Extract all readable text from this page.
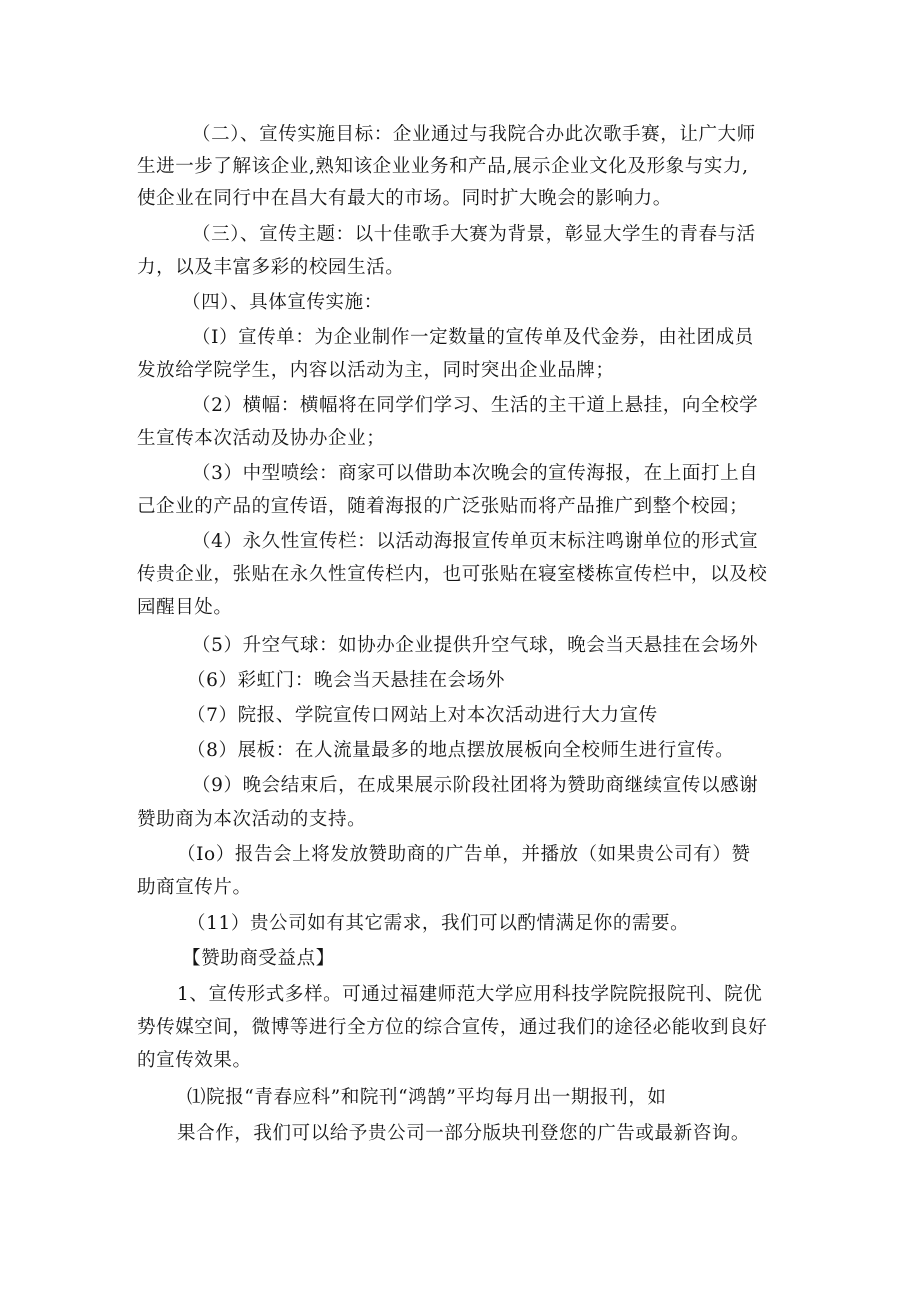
（二）、宣传实施目标：企业通过与我院合办此次歌手赛，让广大师
生进一步了解该企业,熟知该企业业务和产品,展示企业文化及形象与实力,
使企业在同行中在昌大有最大的市场。同时扩大晚会的影响力。
（三）、宣传主题：以十佳歌手大赛为背景，彰显大学生的青春与活
力，以及丰富多彩的校园生活。
（四）、具体宣传实施：
（I）宣传单：为企业制作一定数量的宣传单及代金券，由社团成员
发放给学院学生，内容以活动为主，同时突出企业品牌；
（2）横幅：横幅将在同学们学习、生活的主干道上悬挂，向全校学
生宣传本次活动及协办企业；
（3）中型喷绘：商家可以借助本次晚会的宣传海报，在上面打上自
己企业的产品的宣传语，随着海报的广泛张贴而将产品推广到整个校园；
（4）永久性宣传栏：以活动海报宣传单页末标注鸣谢单位的形式宣
传贵企业，张贴在永久性宣传栏内，也可张贴在寝室楼栋宣传栏中，以及校
园醒目处。
（5）升空气球：如协办企业提供升空气球，晚会当天悬挂在会场外
（6）彩虹门：晚会当天悬挂在会场外
（7）院报、学院宣传口网站上对本次活动进行大力宣传
（8）展板：在人流量最多的地点摆放展板向全校师生进行宣传。
（9）晚会结束后，在成果展示阶段社团将为赞助商继续宣传以感谢
赞助商为本次活动的支持。
（Io）报告会上将发放赞助商的广告单，并播放（如果贵公司有）赞
助商宣传片。
（11）贵公司如有其它需求，我们可以酌情满足你的需要。
【赞助商受益点】
1、宣传形式多样。可通过福建师范大学应用科技学院院报院刊、院优
势传媒空间，微博等进行全方位的综合宣传，通过我们的途径必能收到良好
的宣传效果。
⑴院报“青春应科”和院刊“鸿鹄”平均每月出一期报刊，如
果合作，我们可以给予贵公司一部分版块刊登您的广告或最新咨询。
